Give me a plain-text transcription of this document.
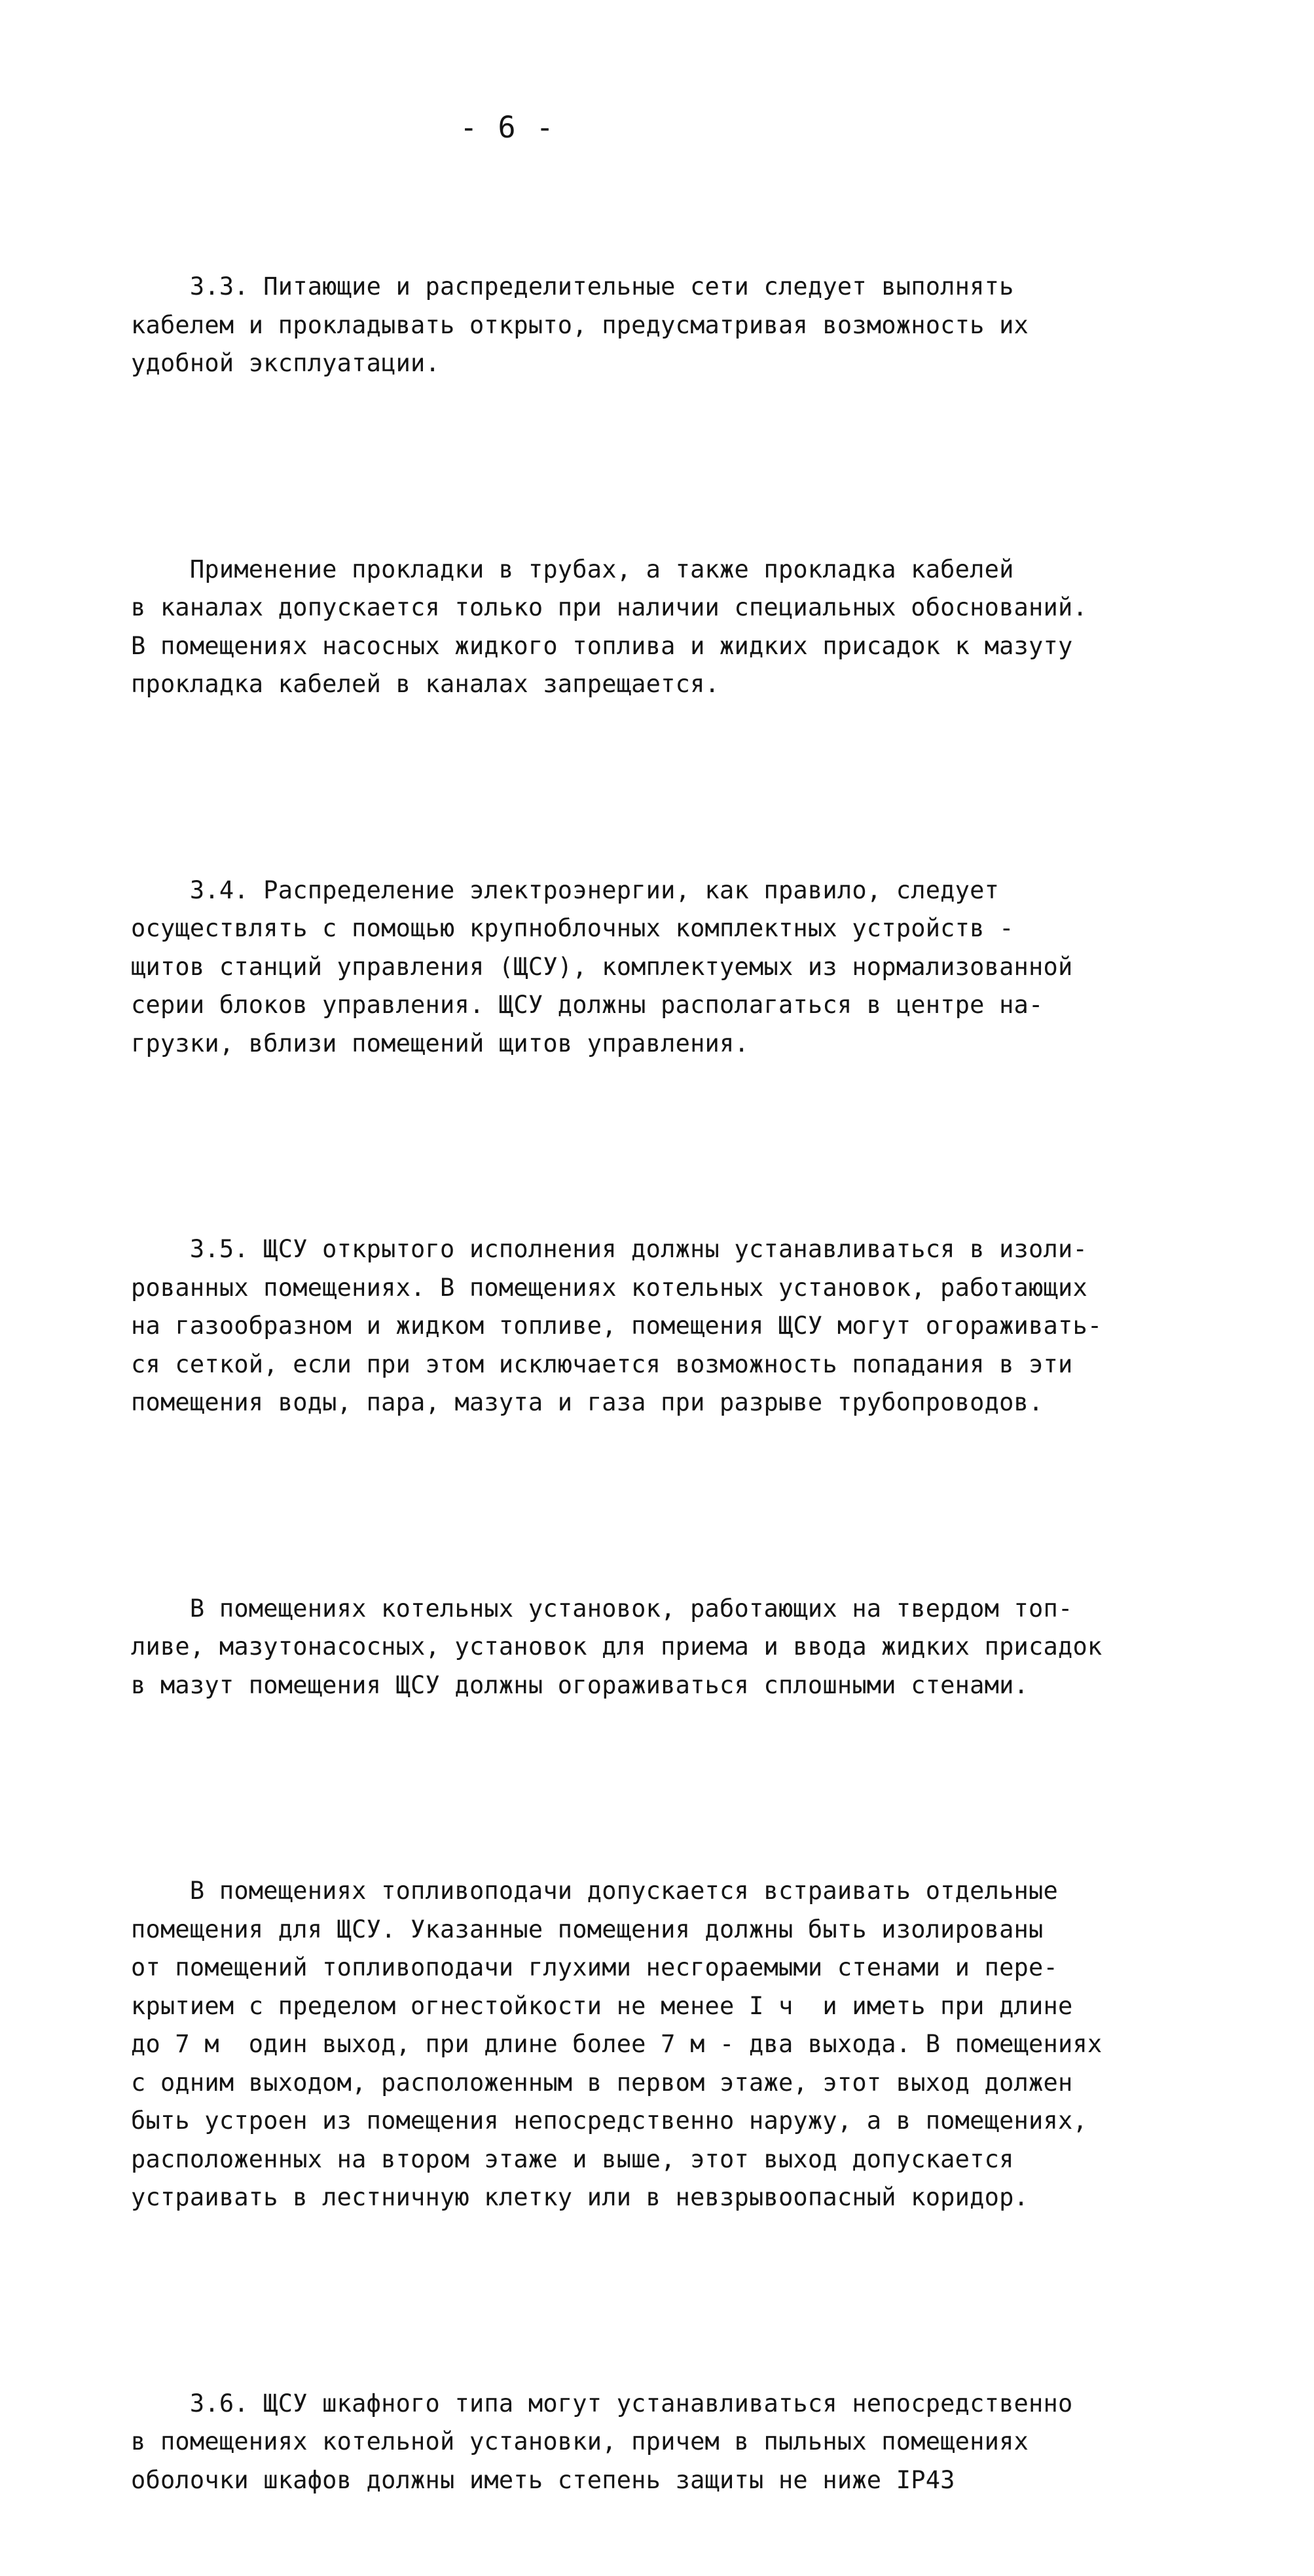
- 6 -

3.3. Питающие и распределительные сети следует выполнять
кабелем и прокладывать открыто, предусматривая возможность их
удобной эксплуатации.

Применение прокладки в трубах, а также прокладка кабелей
в каналах допускается только при наличии специальных обоснований.
В помещениях насосных жидкого топлива и жидких присадок к мазуту
прокладка кабелей в каналах запрещается.

3.4. Распределение электроэнергии, как правило, следует
осуществлять с помощью крупноблочных комплектных устройств -
щитов станций управления (ЩСУ), комплектуемых из нормализованной
серии блоков управления. ЩСУ должны располагаться в центре на-
грузки, вблизи помещений щитов управления.

3.5. ЩСУ открытого исполнения должны устанавливаться в изоли-
рованных помещениях. В помещениях котельных установок, работающих
на газообразном и жидком топливе, помещения ЩСУ могут огораживать-
ся сеткой, если при этом исключается возможность попадания в эти
помещения воды, пара, мазута и газа при разрыве трубопроводов.

В помещениях котельных установок, работающих на твердом топ-
ливе, мазутонасосных, установок для приема и ввода жидких присадок
в мазут помещения ЩСУ должны огораживаться сплошными стенами.

В помещениях топливоподачи допускается встраивать отдельные
помещения для ЩСУ. Указанные помещения должны быть изолированы
от помещений топливоподачи глухими несгораемыми стенами и пере-
крытием с пределом огнестойкости не менее I ч  и иметь при длине
до 7 м  один выход, при длине более 7 м - два выхода. В помещениях
с одним выходом, расположенным в первом этаже, этот выход должен
быть устроен из помещения непосредственно наружу, а в помещениях,
расположенных на втором этаже и выше, этот выход допускается
устраивать в лестничную клетку или в невзрывоопасный коридор.

3.6. ЩСУ шкафного типа могут устанавливаться непосредственно
в помещениях котельной установки, причем в пыльных помещениях
оболочки шкафов должны иметь степень защиты не ниже IP43
